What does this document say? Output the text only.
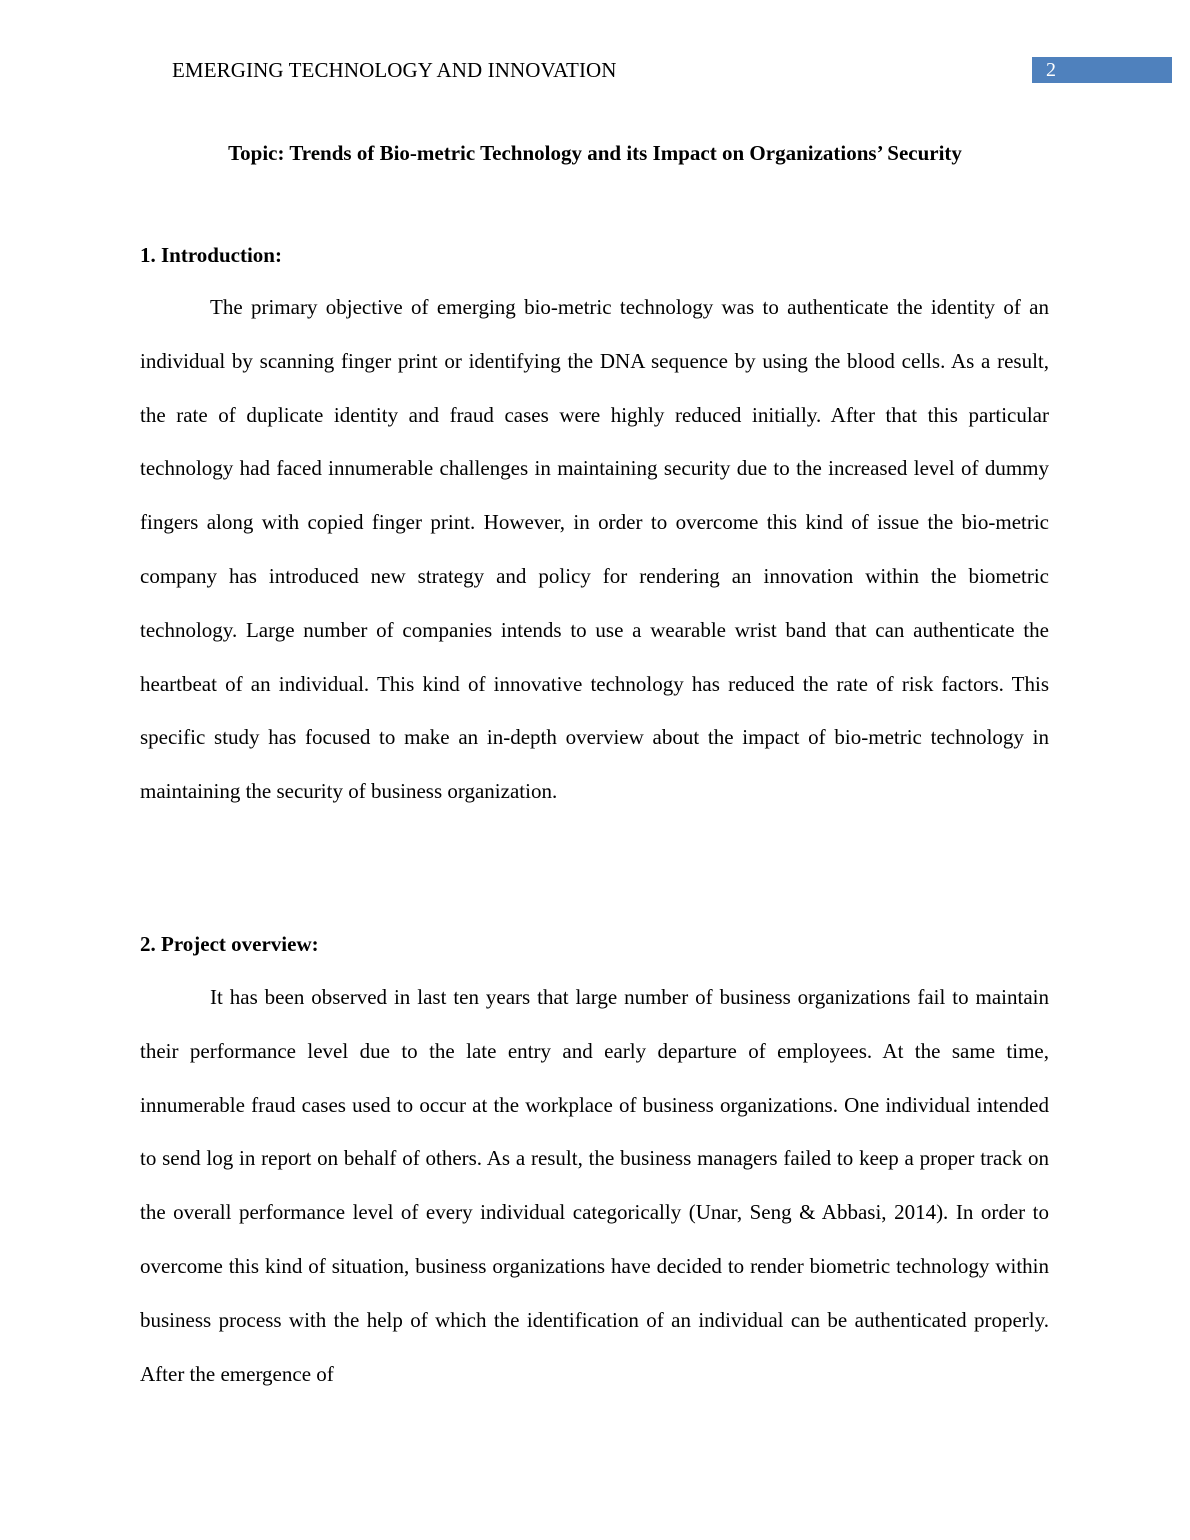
EMERGING TECHNOLOGY AND INNOVATION	2
Topic: Trends of Bio-metric Technology and its Impact on Organizations’ Security
1. Introduction:

The primary objective of emerging bio-metric technology was to authenticate the identity of an individual by scanning finger print or identifying the DNA sequence by using the blood cells. As a result, the rate of duplicate identity and fraud cases were highly reduced initially. After that this particular technology had faced innumerable challenges in maintaining security due to the increased level of dummy fingers along with copied finger print. However, in order to overcome this kind of issue the bio-metric company has introduced new strategy and policy for rendering an innovation within the biometric technology. Large number of companies intends to use a wearable wrist band that can authenticate the heartbeat of an individual. This kind of innovative technology has reduced the rate of risk factors. This specific study has focused to make an in-depth overview about the impact of bio-metric technology in maintaining the security of business organization.

2. Project overview:

It has been observed in last ten years that large number of business organizations fail to maintain their performance level due to the late entry and early departure of employees. At the same time, innumerable fraud cases used to occur at the workplace of business organizations. One individual intended to send log in report on behalf of others. As a result, the business managers failed to keep a proper track on the overall performance level of every individual categorically (Unar, Seng & Abbasi, 2014). In order to overcome this kind of situation, business organizations have decided to render biometric technology within business process with the help of which the identification of an individual can be authenticated properly. After the emergence of
